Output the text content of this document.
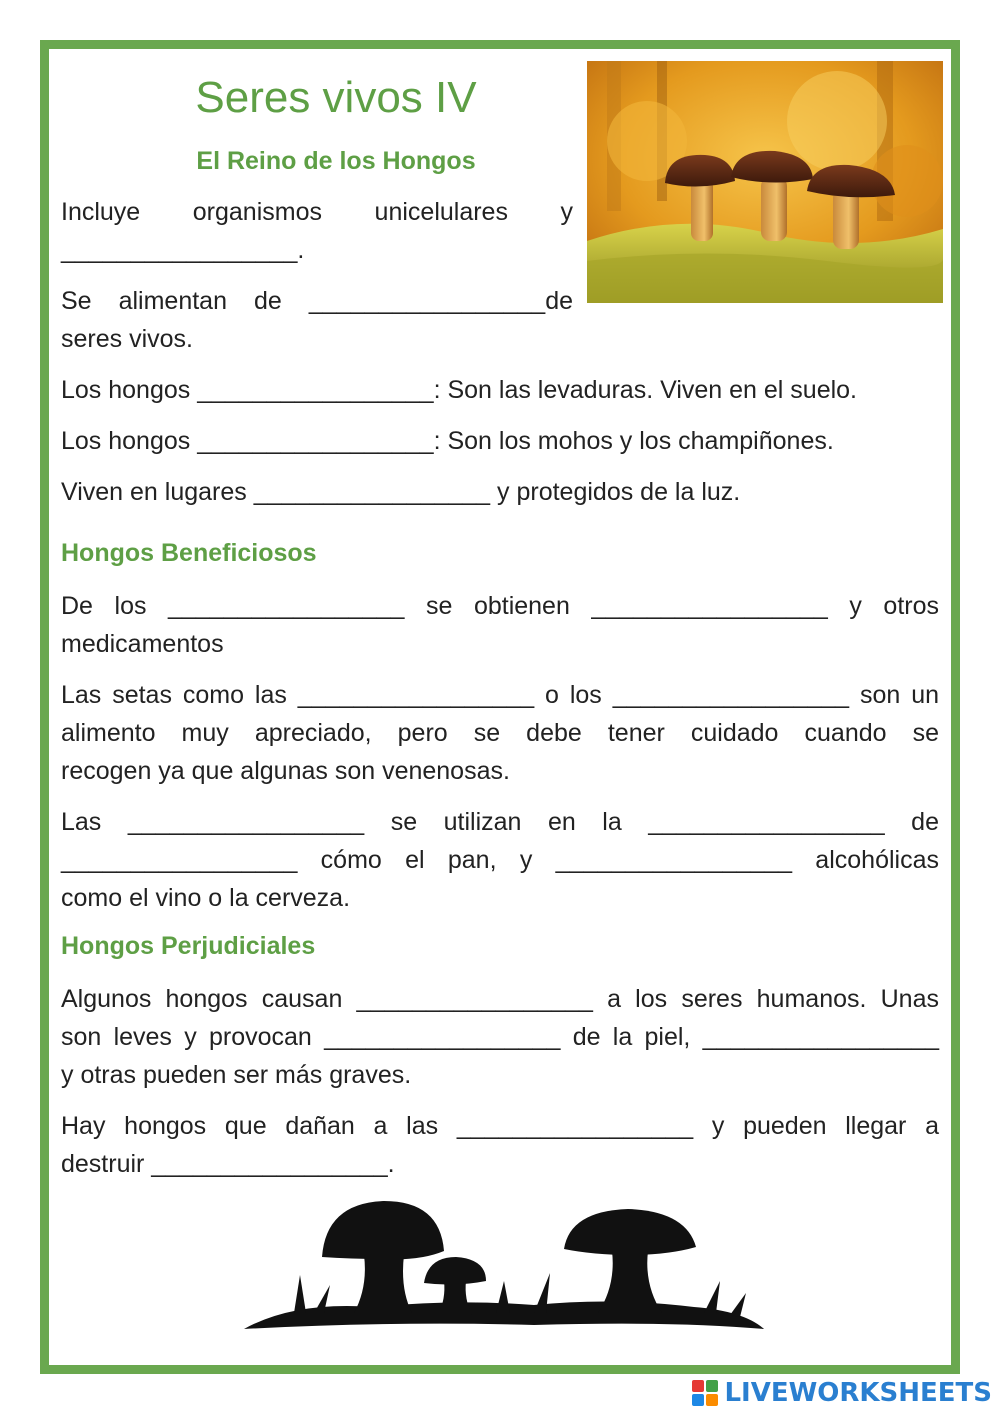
Seres vivos IV
El Reino de los Hongos
Incluye organismos unicelulares y
_________________.
Se alimentan de _________________de
seres vivos.
Los hongos _________________: Son las levaduras. Viven en el suelo.
Los hongos _________________: Son los mohos y los champiñones.
Viven en lugares _________________ y protegidos de la luz.
Hongos Beneficiosos
De los _________________ se obtienen _________________ y otros
medicamentos
Las setas como las _________________ o los _________________ son un
alimento muy apreciado, pero se debe tener cuidado cuando se
recogen ya que algunas son venenosas.
Las _________________ se utilizan en la _________________ de
_________________ cómo el pan, y _________________ alcohólicas
como el vino o la cerveza.
Hongos Perjudiciales
Algunos hongos causan _________________ a los seres humanos. Unas
son leves y provocan _________________ de la piel, _________________
y otras pueden ser más graves.
Hay hongos que dañan a las _________________ y pueden llegar a
destruir _________________.
LIVEWORKSHEETS
